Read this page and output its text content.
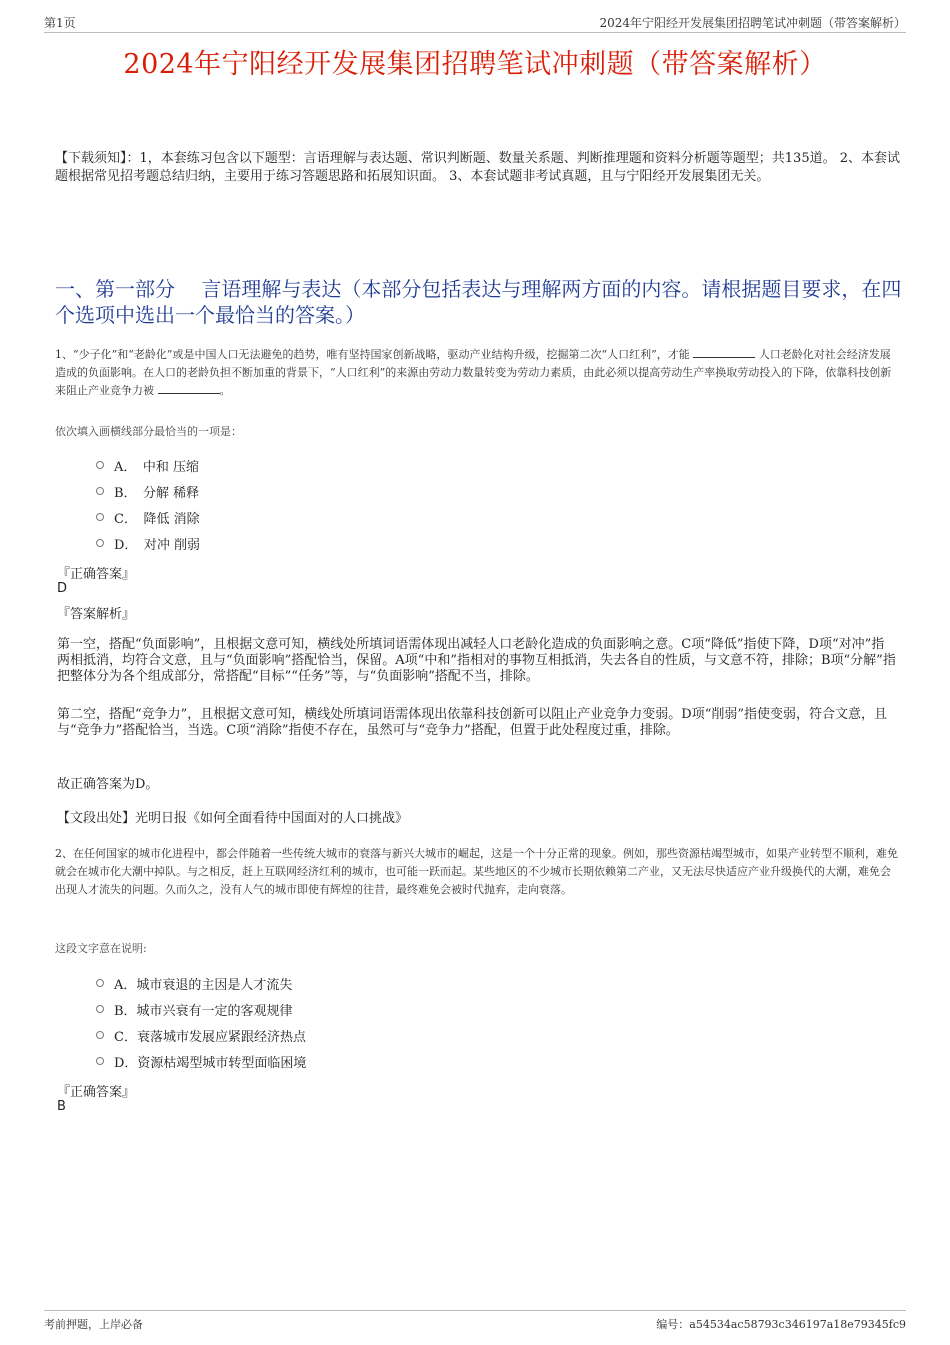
第1页	2024年宁阳经开发展集团招聘笔试冲刺题（带答案解析）
2024年宁阳经开发展集团招聘笔试冲刺题（带答案解析）
【下载须知】：1，本套练习包含以下题型：言语理解与表达题、常识判断题、数量关系题、判断推理题和资料分析题等题型；共135道。 2、本套试题根据常见招考题总结归纳，主要用于练习答题思路和拓展知识面。 3、本套试题非考试真题，且与宁阳经开发展集团无关。
一、第一部分　 言语理解与表达（本部分包括表达与理解两方面的内容。请根据题目要求，在四个选项中选出一个最恰当的答案。）
1、“少子化”和“老龄化”或是中国人口无法避免的趋势，唯有坚持国家创新战略，驱动产业结构升级，挖掘第二次“人口红利”，才能	人口老龄化对社会经济发展造成的负面影响。在人口的老龄负担不断加重的背景下，“人口红利”的来源由劳动力数量转变为劳动力素质，由此必须以提高劳动生产率换取劳动投入的下降，依靠科技创新来阻止产业竞争力被	。
依次填入画横线部分最恰当的一项是：
A．　中和 压缩
B．　分解 稀释
C．　降低 消除
D．　对冲 削弱
『正确答案』
D
『答案解析』
第一空，搭配“负面影响”，且根据文意可知，横线处所填词语需体现出减轻人口老龄化造成的负面影响之意。C项“降低”指使下降，D项“对冲”指两相抵消，均符合文意，且与“负面影响”搭配恰当，保留。A项“中和”指相对的事物互相抵消，失去各自的性质，与文意不符，排除；B项“分解”指把整体分为各个组成部分，常搭配“目标”“任务”等，与“负面影响”搭配不当，排除。
第二空，搭配“竞争力”，且根据文意可知，横线处所填词语需体现出依靠科技创新可以阻止产业竞争力变弱。D项“削弱”指使变弱，符合文意，且与“竞争力”搭配恰当，当选。C项“消除”指使不存在，虽然可与“竞争力”搭配，但置于此处程度过重，排除。
故正确答案为D。
【文段出处】光明日报《如何全面看待中国面对的人口挑战》
2、在任何国家的城市化进程中，都会伴随着一些传统大城市的衰落与新兴大城市的崛起，这是一个十分正常的现象。例如，那些资源枯竭型城市，如果产业转型不顺利，难免就会在城市化大潮中掉队。与之相反，赶上互联网经济红利的城市，也可能一跃而起。某些地区的不少城市长期依赖第二产业，又无法尽快适应产业升级换代的大潮，难免会出现人才流失的问题。久而久之，没有人气的城市即使有辉煌的往昔，最终难免会被时代抛弃，走向衰落。
这段文字意在说明:
A．城市衰退的主因是人才流失
B．城市兴衰有一定的客观规律
C．衰落城市发展应紧跟经济热点
D．资源枯竭型城市转型面临困境
『正确答案』
B
考前押题，上岸必备	编号：a54534ac58793c346197a18e79345fc9
